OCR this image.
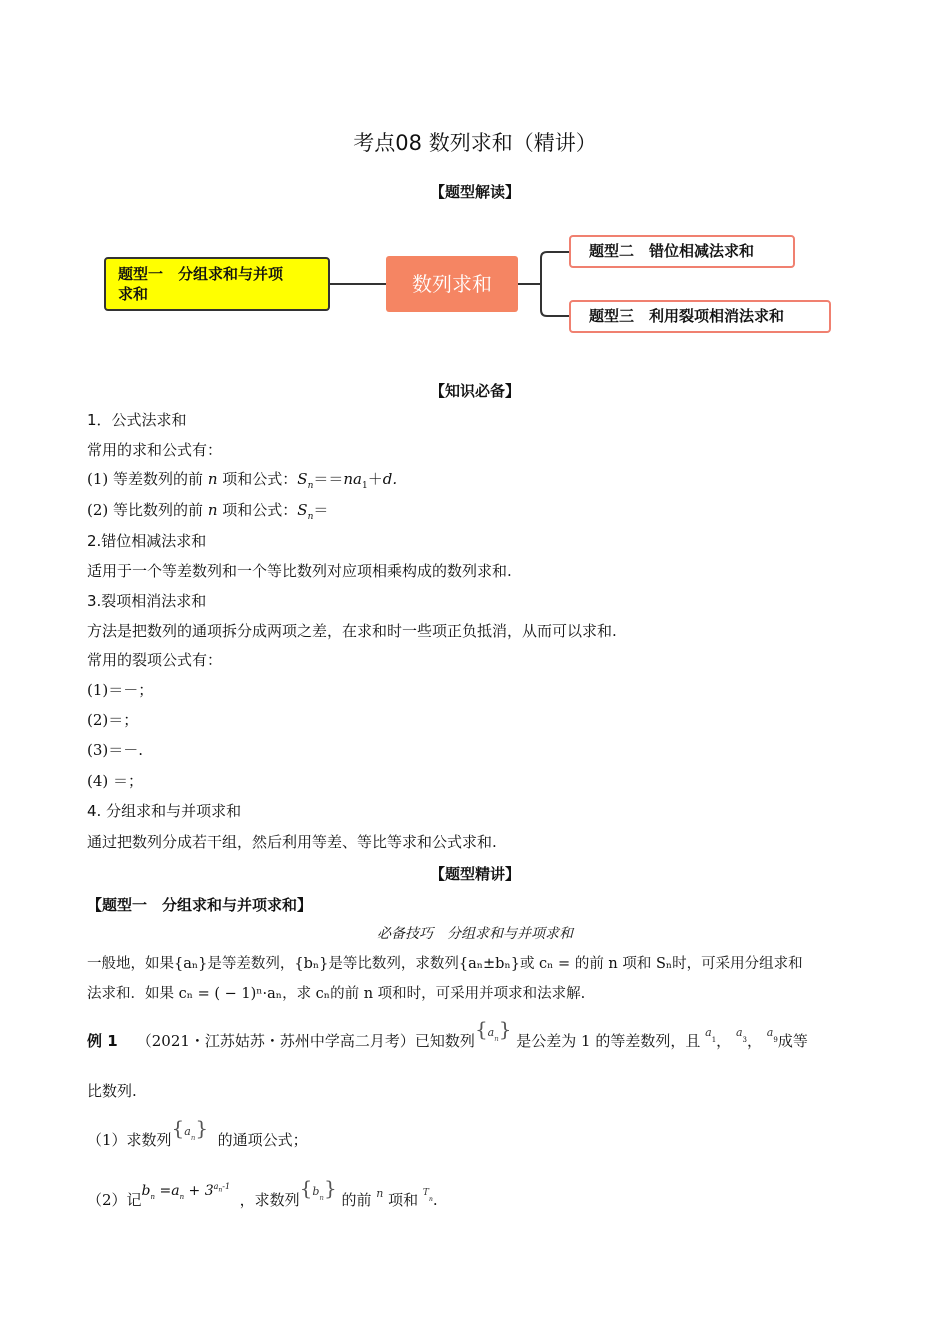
考点08 数列求和（精讲）
【题型解读】
题型一　分组求和与并项
求和	数列求和
题型二　错位相减法求和
题型三　利用裂项相消法求和
【知识必备】
1．公式法求和
常用的求和公式有：
(1) 等差数列的前 n 项和公式：$S_n==na_1+d$.
(2) 等比数列的前 n 项和公式：$S_n=$
2.错位相减法求和
适用于一个等差数列和一个等比数列对应项相乘构成的数列求和.
3.裂项相消法求和
方法是把数列的通项拆分成两项之差，在求和时一些项正负抵消，从而可以求和.
常用的裂项公式有：
(1)＝－；
(2)＝；
(3)＝－.
(4) ＝；
4. 分组求和与并项求和
通过把数列分成若干组，然后利用等差、等比等求和公式求和.
【题型精讲】
【题型一　分组求和与并项求和】
必备技巧　分组求和与并项求和
一般地，如果{aₙ}是等差数列，{bₙ}是等比数列，求数列{aₙ±bₙ}或 cₙ = 的前 n 项和 Sₙ时，可采用分组求和
法求和．如果 cₙ = ( − 1)ⁿ·aₙ，求 cₙ的前 n 项和时，可采用并项求和法求解.
例 1 （2021・江苏姑苏・苏州中学高二月考）已知数列$\{a_n\}$ 是公差为 1 的等差数列，且 $^a_1$， $^a_3$， $^a_9$成等
比数列.
（1）求数列$\{a_n\}$ 的通项公式；
（2）记$b_n =a_n + 3^{a_n-1}$  ，求数列$\{b_n\}$ 的前 $^n$ 项和 $^T_n$.
